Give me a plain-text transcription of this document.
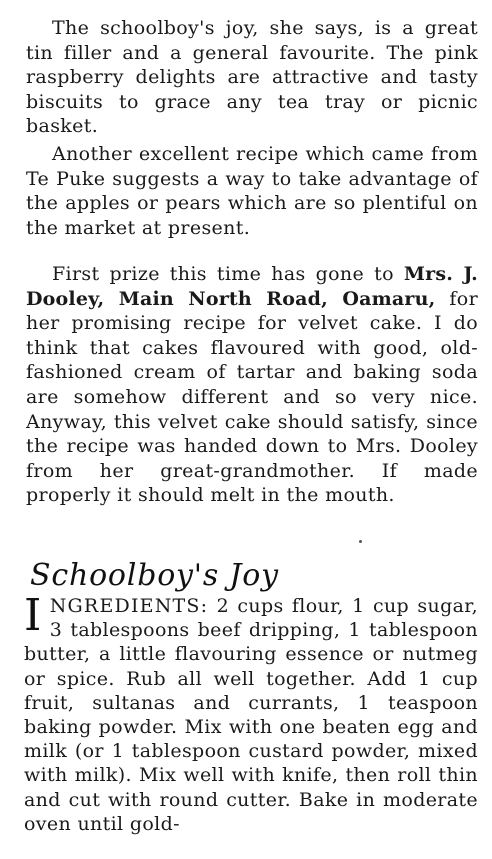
The schoolboy's joy, she says, is a great tin filler and a general favourite. The pink raspberry delights are attractive and tasty biscuits to grace any tea tray or picnic basket.

Another excellent recipe which came from Te Puke suggests a way to take advantage of the apples or pears which are so plentiful on the market at present.

First prize this time has gone to Mrs. J. Dooley, Main North Road, Oamaru, for her promising recipe for velvet cake. I do think that cakes flavoured with good, old-fashioned cream of tartar and baking soda are somehow different and so very nice. Anyway, this velvet cake should satisfy, since the recipe was handed down to Mrs. Dooley from her great-grandmother. If made properly it should melt in the mouth.

Schoolboy's Joy

INGREDIENTS: 2 cups flour, 1 cup sugar, 3 tablespoons beef dripping, 1 tablespoon butter, a little flavouring essence or nutmeg or spice. Rub all well together. Add 1 cup fruit, sultanas and currants, 1 teaspoon baking powder. Mix with one beaten egg and milk (or 1 tablespoon custard powder, mixed with milk). Mix well with knife, then roll thin and cut with round cutter. Bake in moderate oven until gold-
